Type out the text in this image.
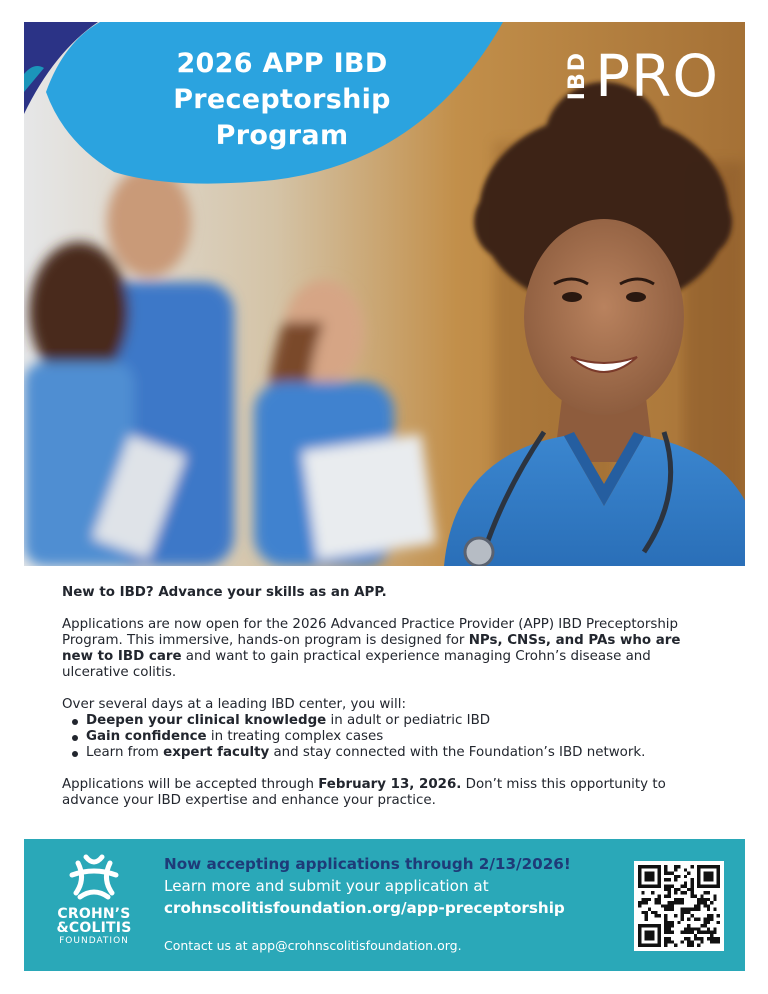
2026 APP IBD
Preceptorship
Program
IBD PRO

New to IBD? Advance your skills as an APP.

Applications are now open for the 2026 Advanced Practice Provider (APP) IBD Preceptorship Program. This immersive, hands-on program is designed for NPs, CNSs, and PAs who are new to IBD care and want to gain practical experience managing Crohn’s disease and ulcerative colitis.

Over several days at a leading IBD center, you will:

Deepen your clinical knowledge in adult or pediatric IBD
Gain confidence in treating complex cases
Learn from expert faculty and stay connected with the Foundation’s IBD network.

Applications will be accepted through February 13, 2026. Don’t miss this opportunity to advance your IBD expertise and enhance your practice.

CROHN’S
&COLITIS
FOUNDATION
Now accepting applications through 2/13/2026!
Learn more and submit your application at
crohnscolitisfoundation.org/app-preceptorship
Contact us at app@crohnscolitisfoundation.org.
